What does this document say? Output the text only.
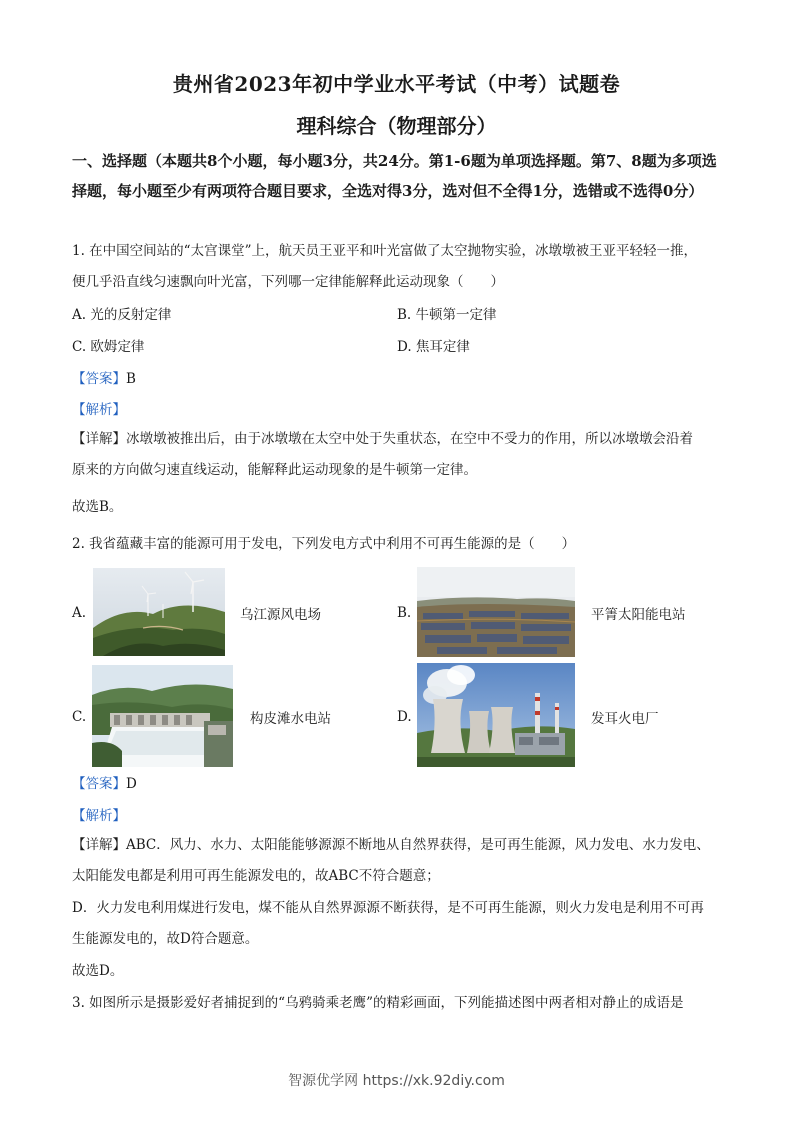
贵州省2023年初中学业水平考试（中考）试题卷
理科综合（物理部分）
一、选择题（本题共8个小题，每小题3分，共24分。第1-6题为单项选择题。第7、8题为多项选择题，每小题至少有两项符合题目要求，全选对得3分，选对但不全得1分，选错或不选得0分）
1. 在中国空间站的“太宫课堂”上，航天员王亚平和叶光富做了太空抛物实验，冰墩墩被王亚平轻轻一推，
便几乎沿直线匀速飘向叶光富，下列哪一定律能解释此运动现象（　　）
A. 光的反射定律	B. 牛顿第一定律
C. 欧姆定律	D. 焦耳定律
【答案】B
【解析】
【详解】冰墩墩被推出后，由于冰墩墩在太空中处于失重状态，在空中不受力的作用，所以冰墩墩会沿着
原来的方向做匀速直线运动，能解释此运动现象的是牛顿第一定律。
故选B。
2. 我省蕴藏丰富的能源可用于发电，下列发电方式中利用不可再生能源的是（　　）
A.	乌江源风电场	B.	平箐太阳能电站
C.	构皮滩水电站	D.	发耳火电厂
【答案】D
【解析】
【详解】ABC．风力、水力、太阳能能够源源不断地从自然界获得，是可再生能源，风力发电、水力发电、
太阳能发电都是利用可再生能源发电的，故ABC不符合题意；
D．火力发电利用煤进行发电，煤不能从自然界源源不断获得，是不可再生能源，则火力发电是利用不可再
生能源发电的，故D符合题意。
故选D。
3. 如图所示是摄影爱好者捕捉到的“乌鸦骑乘老鹰”的精彩画面，下列能描述图中两者相对静止的成语是
智源优学网 https://xk.92diy.com
